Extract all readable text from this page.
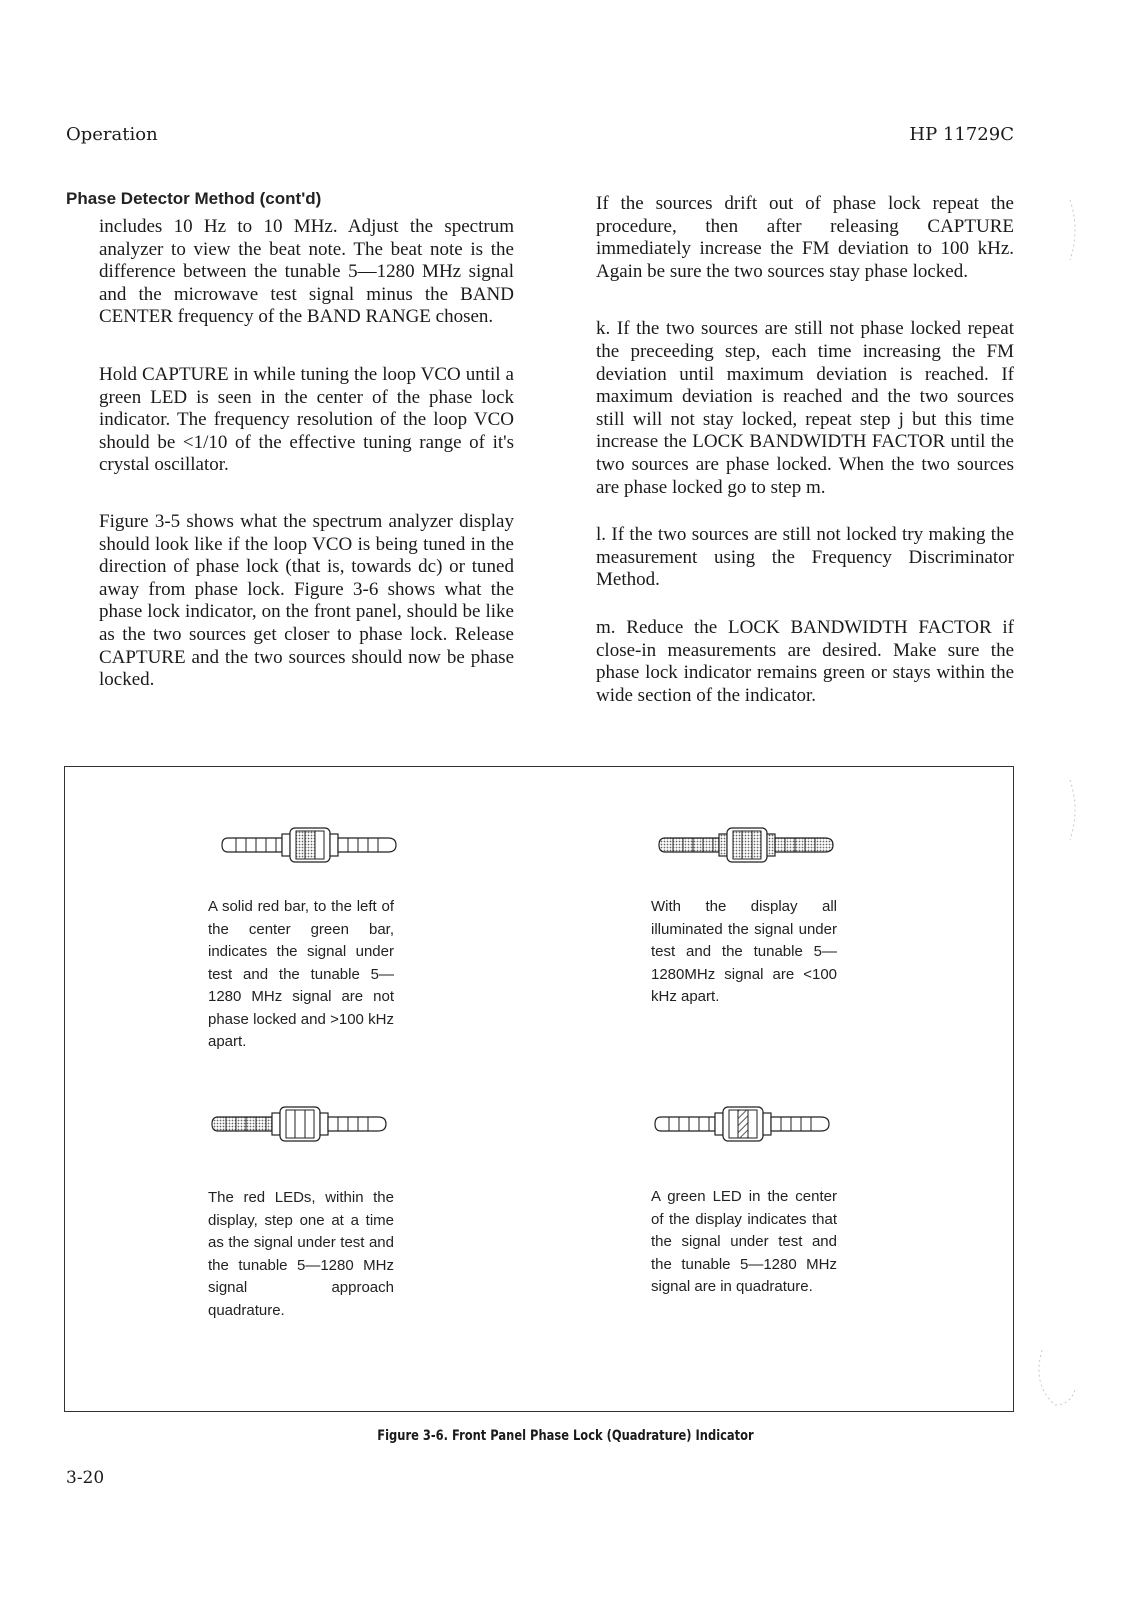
Operation	HP 11729C
Phase Detector Method (cont'd)

includes 10 Hz to 10 MHz. Adjust the spectrum analyzer to view the beat note. The beat note is the difference between the tunable 5—1280 MHz signal and the microwave test signal minus the BAND CENTER frequency of the BAND RANGE chosen.

Hold CAPTURE in while tuning the loop VCO until a green LED is seen in the center of the phase lock indicator. The frequency resolution of the loop VCO should be <1/10 of the effective tuning range of it's crystal oscillator.

Figure 3-5 shows what the spectrum analyzer display should look like if the loop VCO is being tuned in the direction of phase lock (that is, towards dc) or tuned away from phase lock. Figure 3-6 shows what the phase lock indicator, on the front panel, should be like as the two sources get closer to phase lock. Release CAPTURE and the two sources should now be phase locked.

If the sources drift out of phase lock repeat the procedure, then after releasing CAPTURE immediately increase the FM deviation to 100 kHz. Again be sure the two sources stay phase locked.

k. If the two sources are still not phase locked repeat the preceeding step, each time increasing the FM deviation until maximum deviation is reached. If maximum deviation is reached and the two sources still will not stay locked, repeat step j but this time increase the LOCK BANDWIDTH FACTOR until the two sources are phase locked. When the two sources are phase locked go to step m.

l. If the two sources are still not locked try making the measurement using the Frequency Discriminator Method.

m. Reduce the LOCK BANDWIDTH FACTOR if close-in measurements are desired. Make sure the phase lock indicator remains green or stays within the wide section of the indicator.

A solid red bar, to the left of the center green bar, indicates the signal under test and the tunable 5—1280 MHz signal are not phase locked and >100 kHz apart.
With the display all illuminated the signal under test and the tunable 5—1280MHz signal are <100 kHz apart.
The red LEDs, within the display, step one at a time as the signal under test and the tunable 5—1280 MHz signal approach quadrature.
A green LED in the center of the display indicates that the signal under test and the tunable 5—1280 MHz signal are in quadrature.
Figure 3-6. Front Panel Phase Lock (Quadrature) Indicator
3-20
